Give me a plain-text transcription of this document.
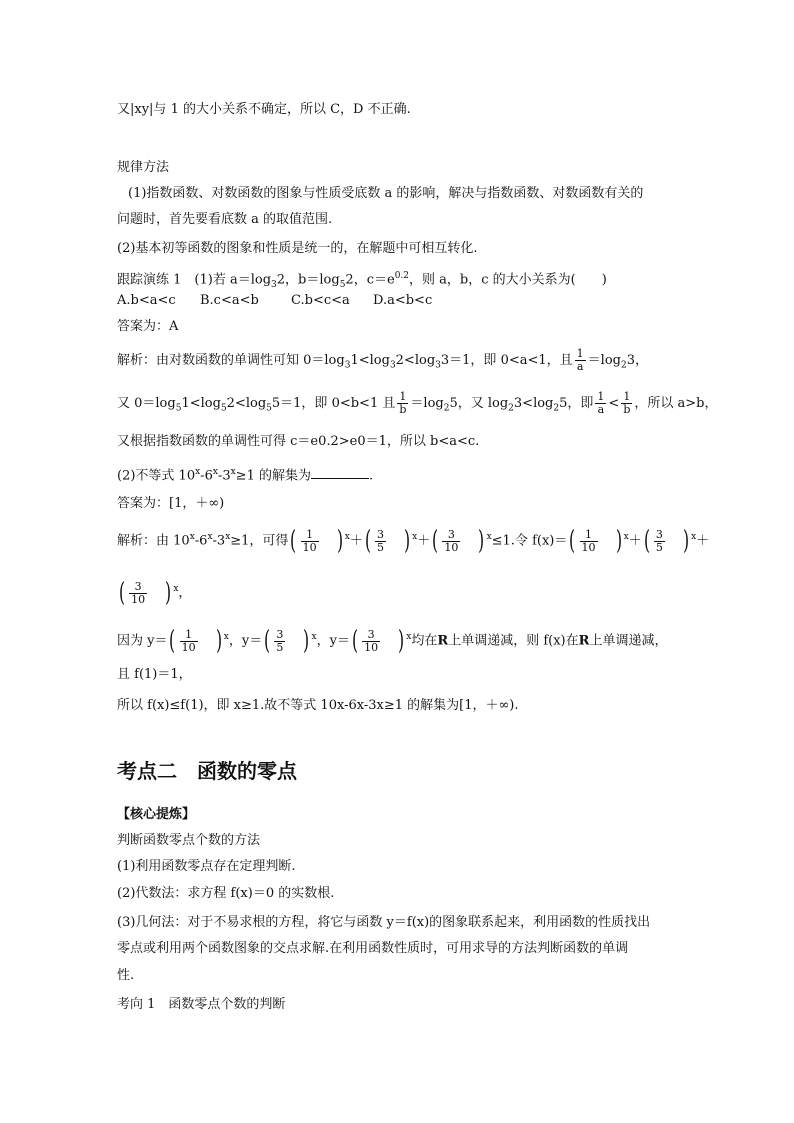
又|xy|与 1 的大小关系不确定，所以 C，D 不正确.
规律方法
(1)指数函数、对数函数的图象与性质受底数 a 的影响，解决与指数函数、对数函数有关的
问题时，首先要看底数 a 的取值范围.
(2)基本初等函数的图象和性质是统一的，在解题中可相互转化.
跟踪演练 1　 (1)若 $a=\log_32$，$b=\log_52$，$c=e^{0.2}$，则 a，b，c 的大小关系为(　　)
A.b<a<c B.c<a<b C.b<c<a D.a<b<c
答案为：A
解析：由对数函数的单调性可知 $0=\log_31<\log_32<\log_33=1$，即 0<a<1，且 $\frac{1}{a} =\log_23$，
又 $0=\log_51<\log_52<\log_55=1$，即 0<b<1 且 $\frac{1}{b} =\log_25$，又 $\log_23<\log_25$，即 $\frac{1}{a} < \frac{1}{b}$ ，所以 a>b，
又根据指数函数的单调性可得 c＝e0.2>e0＝1，所以 b<a<c.
(2)不等式 $10^x-6^x-3^x\ge 1$ 的解集为	.
答案为：[1，＋∞)
解析：由 $10^x-6^x-3^x\ge 1$，可得( $\frac{1}{10}$ ) $^x+( \frac{3}{5}$ ) $^x+( \frac{3}{10}$ ) $^x$≤1.令 $f(x)=( \frac{1}{10}$ ) $^x+( \frac{3}{5}$ ) $^x$＋
( $\frac{3}{10}$ ) $^x$，
因为 $y=( \frac{1}{10}$ ) $^x$，$y=( \frac{3}{5}$ ) $^x$，$y=( \frac{3}{10}$ ) $^x$均在R上单调递减，则 f(x)在R上单调递减，
且 f(1)＝1，
所以 f(x)≤f(1)，即 x≥1.故不等式 10x-6x-3x≥1 的解集为[1，＋∞).
考点二 函数的零点
【核心提炼】
判断函数零点个数的方法
(1)利用函数零点存在定理判断.
(2)代数法：求方程 f(x)＝0 的实数根.
(3)几何法：对于不易求根的方程，将它与函数 y＝f(x)的图象联系起来，利用函数的性质找出
零点或利用两个函数图象的交点求解.在利用函数性质时，可用求导的方法判断函数的单调
性.
考向 1　函数零点个数的判断
